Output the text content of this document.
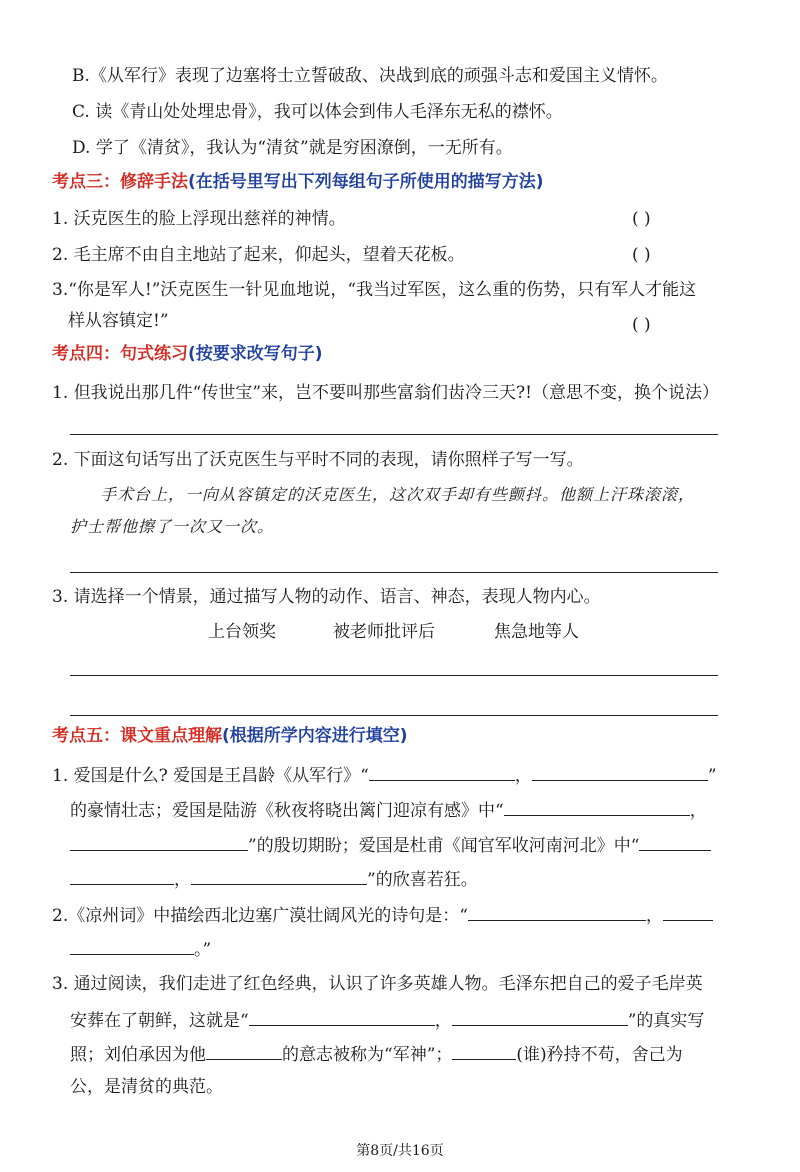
B.《从军行》表现了边塞将士立誓破敌、决战到底的顽强斗志和爱国主义情怀。
C. 读《青山处处埋忠骨》，我可以体会到伟人毛泽东无私的襟怀。
D. 学了《清贫》，我认为“清贫”就是穷困潦倒，一无所有。
考点三：修辞手法(在括号里写出下列每组句子所使用的描写方法)
1. 沃克医生的脸上浮现出慈祥的神情。	( )
2. 毛主席不由自主地站了起来，仰起头，望着天花板。	( )
3.“你是军人!”沃克医生一针见血地说，“我当过军医，这么重的伤势，只有军人才能这
样从容镇定!”	( )
考点四：句式练习(按要求改写句子)
1. 但我说出那几件“传世宝”来，岂不要叫那些富翁们齿冷三天?!（意思不变，换个说法）
2. 下面这句话写出了沃克医生与平时不同的表现，请你照样子写一写。
手术台上，一向从容镇定的沃克医生，这次双手却有些颤抖。他额上汗珠滚滚，
护士帮他擦了一次又一次。
3. 请选择一个情景，通过描写人物的动作、语言、神态，表现人物内心。
上台领奖	被老师批评后	焦急地等人
考点五：课文重点理解(根据所学内容进行填空)
1. 爱国是什么? 爱国是王昌龄《从军行》“	，	”
的豪情壮志；爱国是陆游《秋夜将晓出篱门迎凉有感》中“	，
”的殷切期盼；爱国是杜甫《闻官军收河南河北》中“
，	”的欣喜若狂。
2.《凉州词》中描绘西北边塞广漠壮阔风光的诗句是：“	，
。”
3. 通过阅读，我们走进了红色经典，认识了许多英雄人物。毛泽东把自己的爱子毛岸英
安葬在了朝鲜，这就是“	，	”的真实写
照；刘伯承因为他	的意志被称为“军神”；	(谁)矜持不苟，舍己为
公，是清贫的典范。
第8页/共16页
